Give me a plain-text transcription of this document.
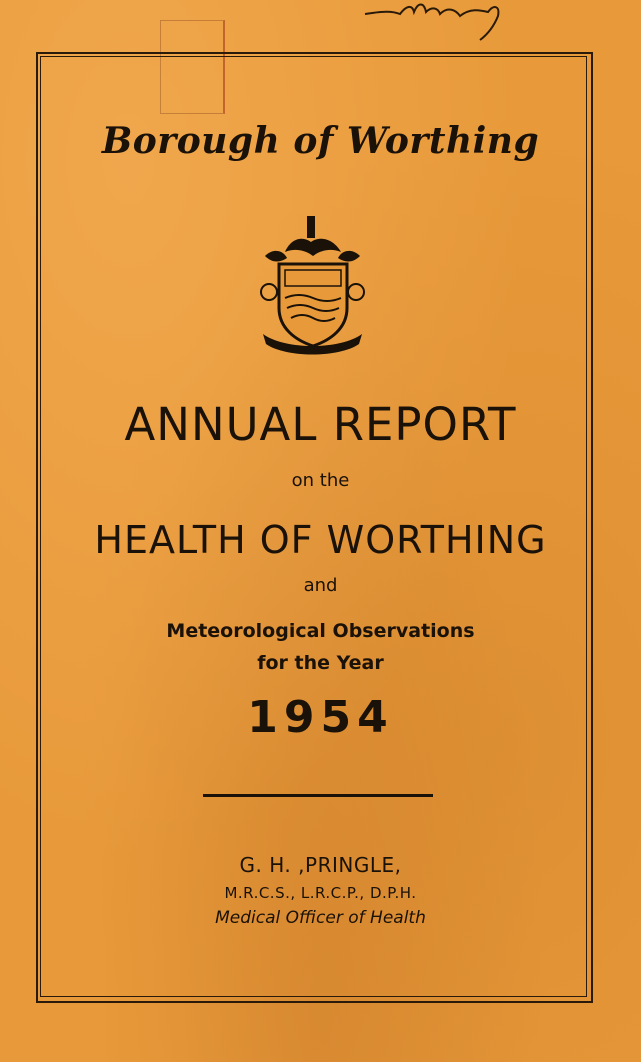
Borough of Worthing
ANNUAL REPORT
on the
HEALTH OF WORTHING
and
Meteorological Observations
for the Year
1954
G. H. ,PRINGLE,
M.R.C.S., L.R.C.P., D.P.H.
Medical Officer of Health
